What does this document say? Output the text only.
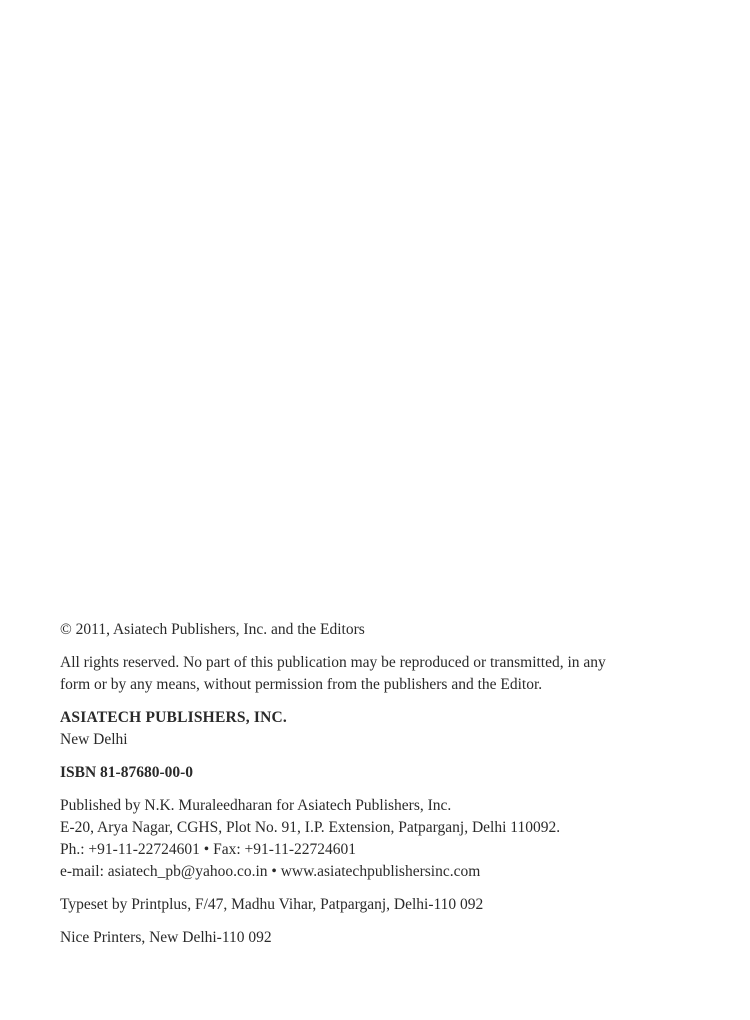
© 2011, Asiatech Publishers, Inc. and the Editors
All rights reserved. No part of this publication may be reproduced or transmitted, in any
form or by any means, without permission from the publishers and the Editor.
ASIATECH PUBLISHERS, INC.
New Delhi
ISBN 81-87680-00-0
Published by N.K. Muraleedharan for Asiatech Publishers, Inc.
E-20, Arya Nagar, CGHS, Plot No. 91, I.P. Extension, Patparganj, Delhi 110092.
Ph.: +91-11-22724601 • Fax: +91-11-22724601
e-mail: asiatech_pb@yahoo.co.in • www.asiatechpublishersinc.com
Typeset by Printplus, F/47, Madhu Vihar, Patparganj, Delhi-110 092
Nice Printers, New Delhi-110 092
